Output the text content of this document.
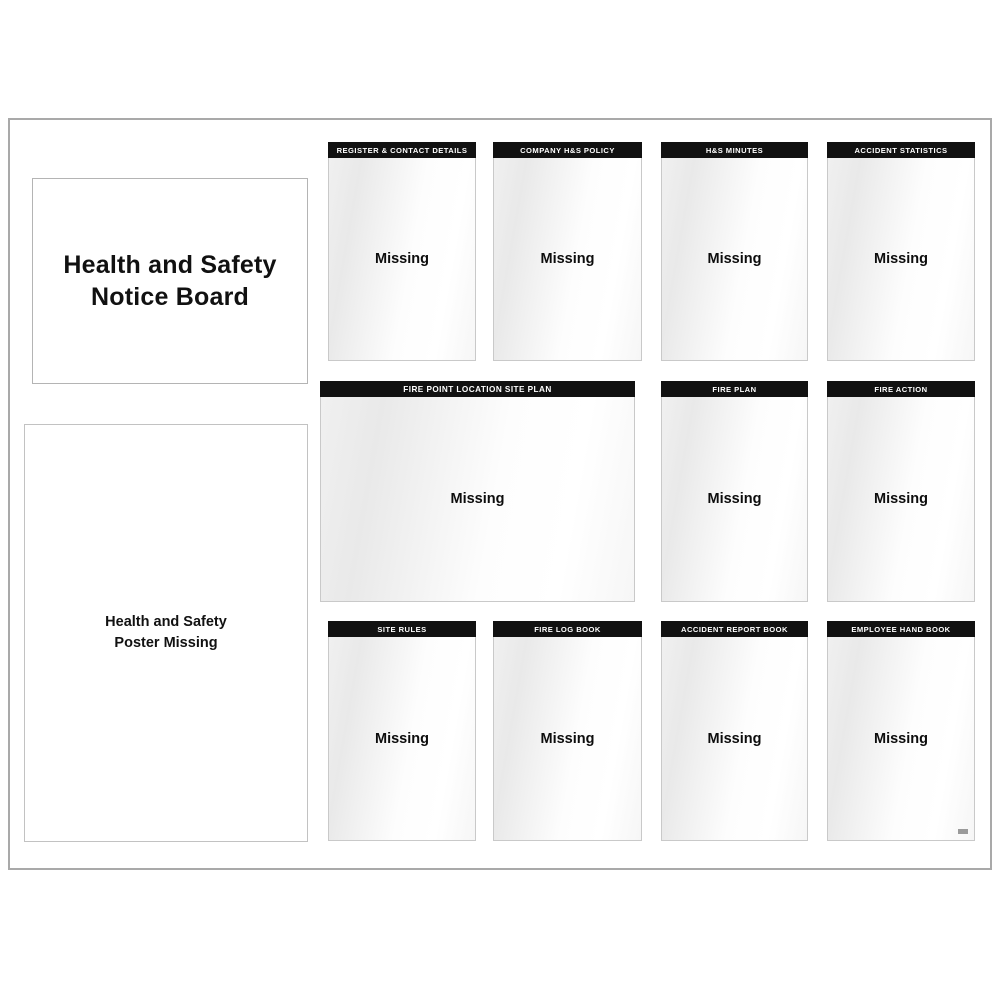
Health and Safety
Notice Board
Health and Safety
Poster Missing
REGISTER & CONTACT DETAILS
Missing
COMPANY H&S POLICY
Missing
H&S MINUTES
Missing
ACCIDENT STATISTICS
Missing
FIRE POINT LOCATION SITE PLAN
Missing
FIRE PLAN
Missing
FIRE ACTION
Missing
SITE RULES
Missing
FIRE LOG BOOK
Missing
ACCIDENT REPORT BOOK
Missing
EMPLOYEE HAND BOOK
Missing
